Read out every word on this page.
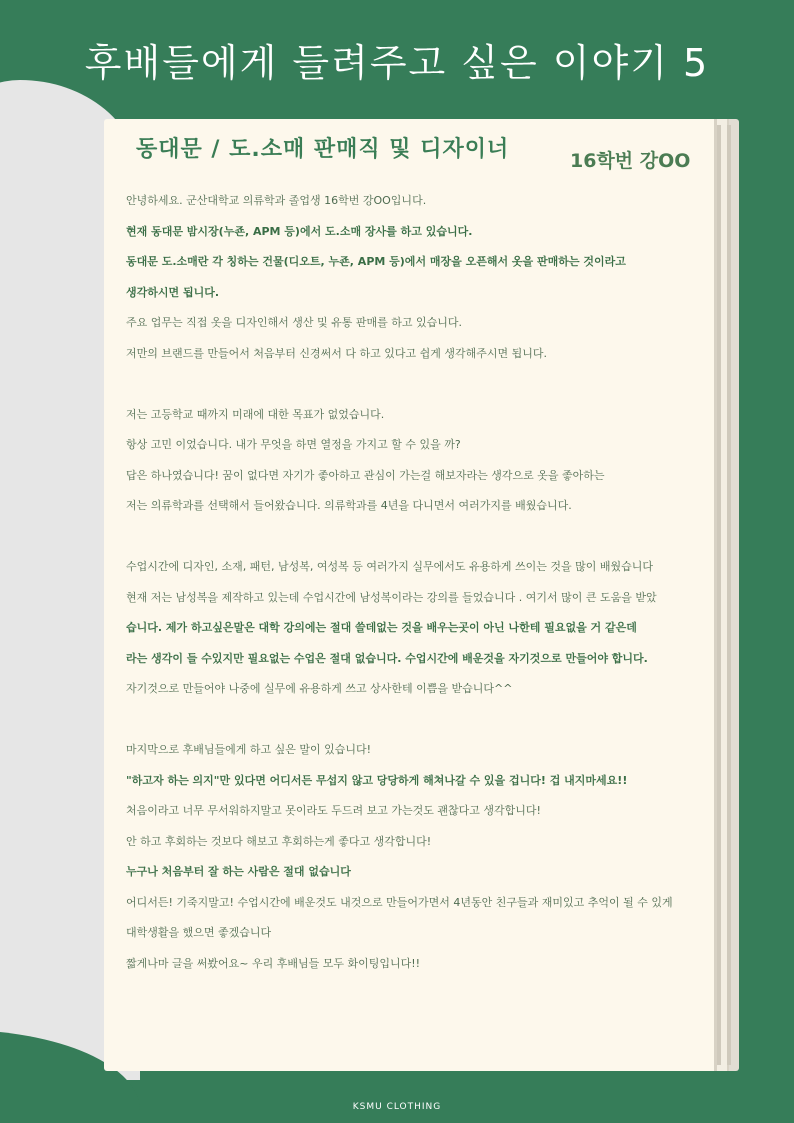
후배들에게 들려주고 싶은 이야기 5
동대문 / 도.소매 판매직 및 디자이너	16학번 강OO
안녕하세요. 군산대학교 의류학과 졸업생 16학번 강OO입니다.
현재 동대문 밤시장(누죤, APM 등)에서 도.소매 장사를 하고 있습니다.
동대문 도.소매란 각 칭하는 건물(디오트, 누죤, APM 등)에서 매장을 오픈해서 옷을 판매하는 것이라고
생각하시면 됩니다.
주요 업무는 직접 옷을 디자인해서 생산 및 유통 판매를 하고 있습니다.
저만의 브랜드를 만들어서 처음부터 신경써서 다 하고 있다고 쉽게 생각해주시면 됩니다.
저는 고등학교 때까지 미래에 대한 목표가 없었습니다.
항상 고민 이었습니다. 내가 무엇을 하면 열정을 가지고 할 수 있을 까?
답은 하나였습니다! 꿈이 없다면 자기가 좋아하고 관심이 가는걸 해보자라는 생각으로 옷을 좋아하는
저는 의류학과를 선택해서 들어왔습니다. 의류학과를 4년을 다니면서 여러가지를 배웠습니다.
수업시간에 디자인, 소재, 패턴, 남성복, 여성복 등 여러가지 실무에서도 유용하게 쓰이는 것을 많이 배웠습니다
현재 저는 남성복을 제작하고 있는데 수업시간에 남성복이라는 강의를 들었습니다 . 여기서 많이 큰 도움을 받았
습니다. 제가 하고싶은말은 대학 강의에는 절대 쓸데없는 것을 배우는곳이 아닌 나한테 필요없을 거 같은데
라는 생각이 들 수있지만 필요없는 수업은 절대 없습니다. 수업시간에 배운것을 자기것으로 만들어야 합니다.
자기것으로 만들어야 나중에 실무에 유용하게 쓰고 상사한테 이쁨을 받습니다^^
마지막으로 후배님들에게 하고 싶은 말이 있습니다!
"하고자 하는 의지"만 있다면 어디서든 무섭지 않고 당당하게 해쳐나갈 수 있을 겁니다! 겁 내지마세요!!
처음이라고 너무 무서워하지말고 못이라도 두드려 보고 가는것도 괜찮다고 생각합니다!
안 하고 후회하는 것보다 해보고 후회하는게 좋다고 생각합니다!
누구나 처음부터 잘 하는 사람은 절대 없습니다
어디서든! 기죽지말고! 수업시간에 배운것도 내것으로 만들어가면서 4년동안 친구들과 재미있고 추억이 될 수 있게
대학생활을 했으면 좋겠습니다
짧게나마 글을 써봤어요~ 우리 후배님들 모두 화이팅입니다!!
KSMU CLOTHING
